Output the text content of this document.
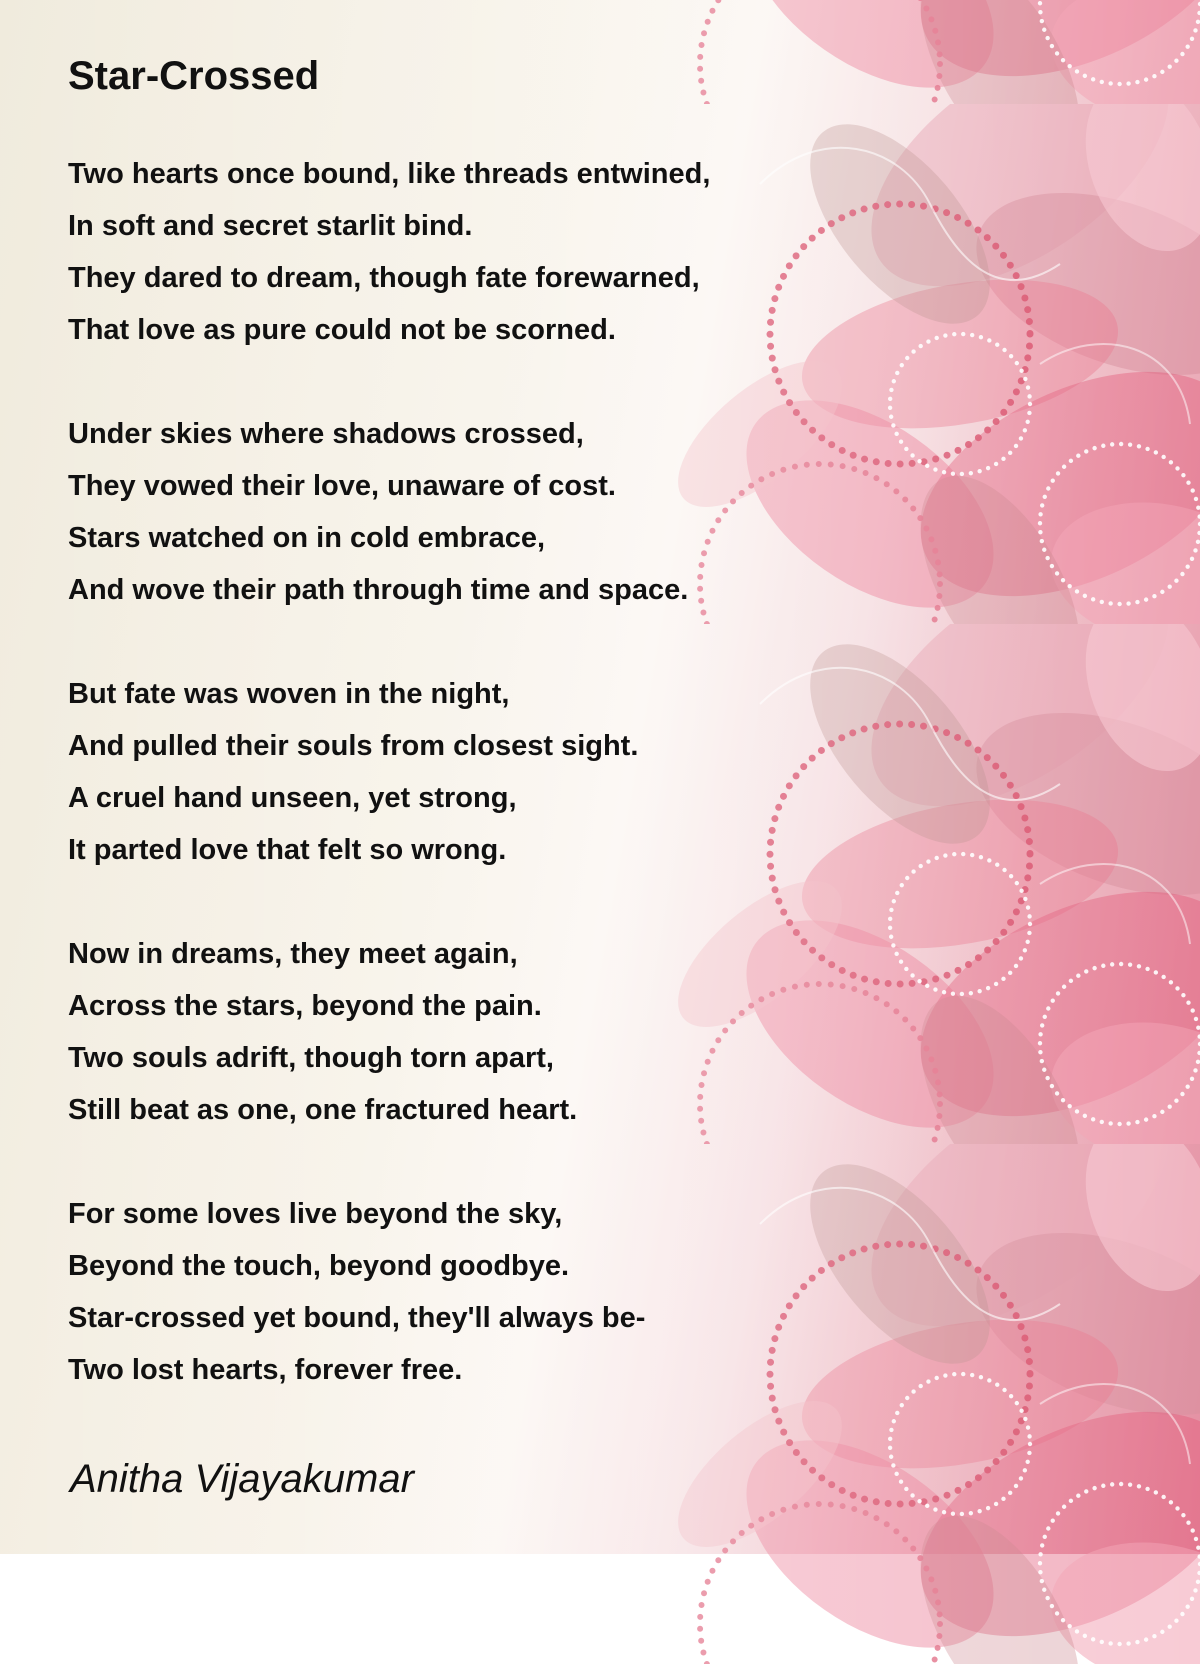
Star-Crossed
Two hearts once bound, like threads entwined,
In soft and secret starlit bind.
They dared to dream, though fate forewarned,
That love as pure could not be scorned.
Under skies where shadows crossed,
They vowed their love, unaware of cost.
Stars watched on in cold embrace,
And wove their path through time and space.
But fate was woven in the night,
And pulled their souls from closest sight.
A cruel hand unseen, yet strong,
It parted love that felt so wrong.
Now in dreams, they meet again,
Across the stars, beyond the pain.
Two souls adrift, though torn apart,
Still beat as one, one fractured heart.
For some loves live beyond the sky,
Beyond the touch, beyond goodbye.
Star-crossed yet bound, they'll always be-
Two lost hearts, forever free.
Anitha Vijayakumar
